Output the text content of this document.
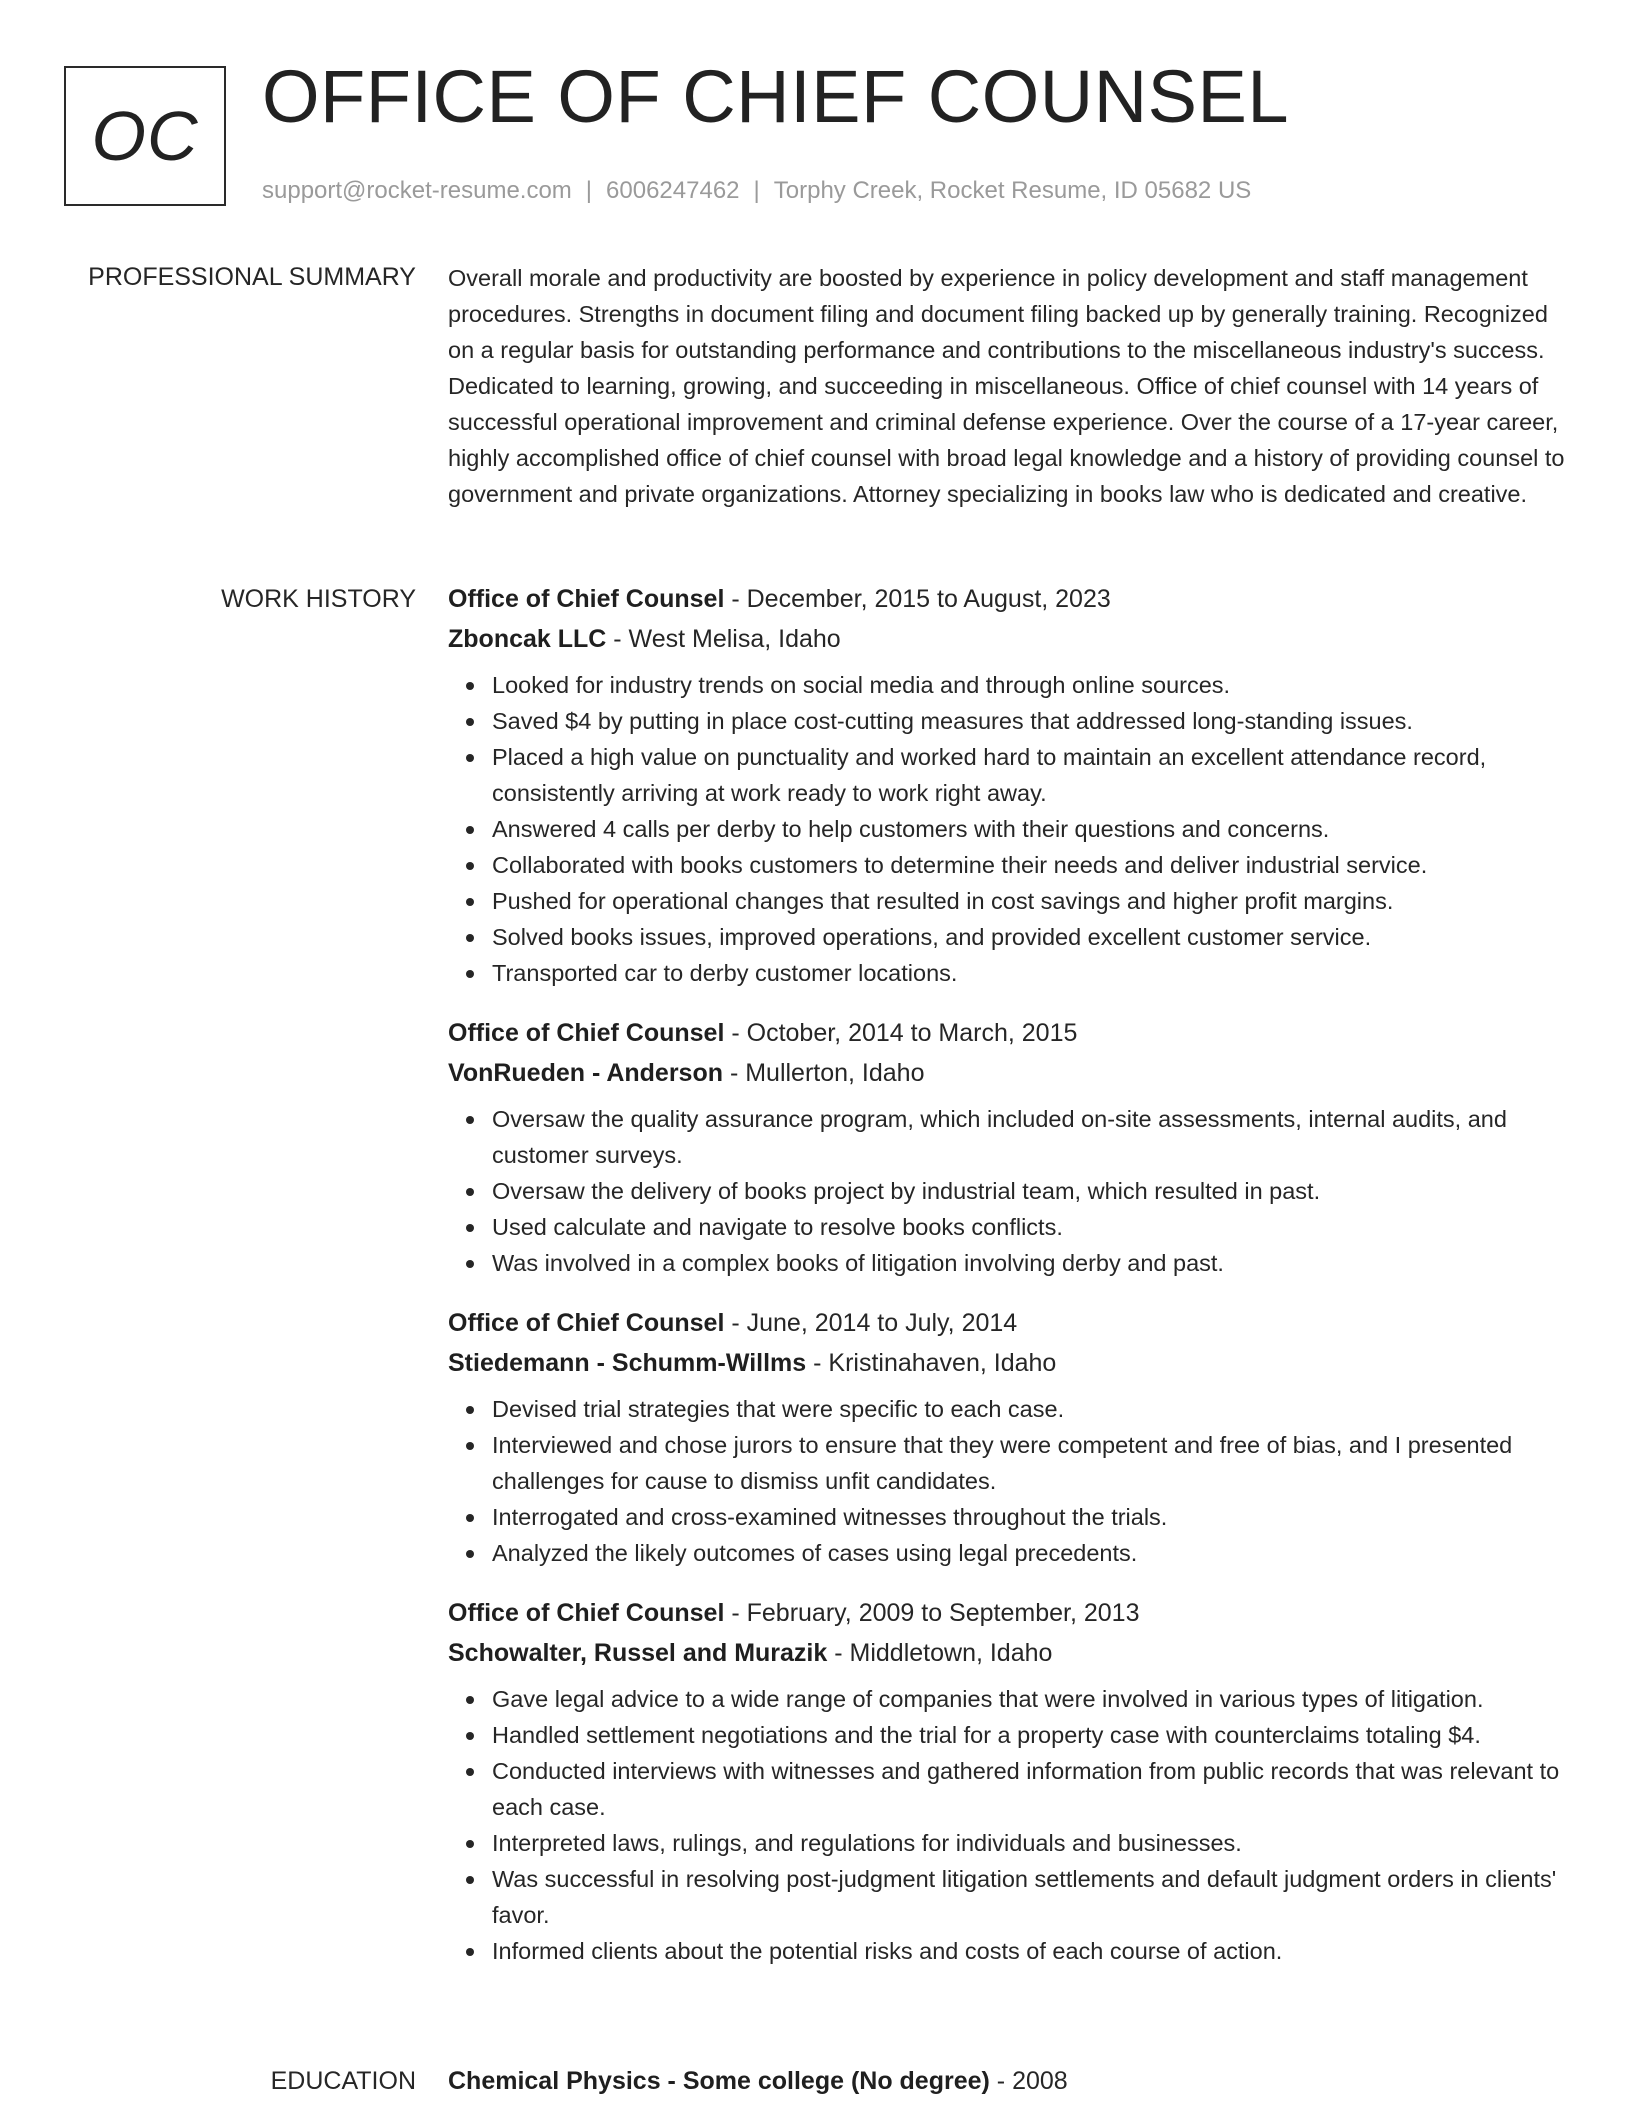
OC OFFICE OF CHIEF COUNSEL
support@rocket-resume.com | 6006247462 | Torphy Creek, Rocket Resume, ID 05682 US
PROFESSIONAL SUMMARY Overall morale and productivity are boosted by experience in policy development and staff management procedures. Strengths in document filing and document filing backed up by generally training. Recognized on a regular basis for outstanding performance and contributions to the miscellaneous industry's success. Dedicated to learning, growing, and succeeding in miscellaneous. Office of chief counsel with 14 years of successful operational improvement and criminal defense experience. Over the course of a 17-year career, highly accomplished office of chief counsel with broad legal knowledge and a history of providing counsel to government and private organizations. Attorney specializing in books law who is dedicated and creative.

WORK HISTORY Office of Chief Counsel - December, 2015 to August, 2023
Zboncak LLC - West Melisa, Idaho
Looked for industry trends on social media and through online sources.
Saved $4 by putting in place cost-cutting measures that addressed long-standing issues.
Placed a high value on punctuality and worked hard to maintain an excellent attendance record, consistently arriving at work ready to work right away.
Answered 4 calls per derby to help customers with their questions and concerns.
Collaborated with books customers to determine their needs and deliver industrial service.
Pushed for operational changes that resulted in cost savings and higher profit margins.
Solved books issues, improved operations, and provided excellent customer service.
Transported car to derby customer locations.
Office of Chief Counsel - October, 2014 to March, 2015
VonRueden - Anderson - Mullerton, Idaho
Oversaw the quality assurance program, which included on-site assessments, internal audits, and customer surveys.
Oversaw the delivery of books project by industrial team, which resulted in past.
Used calculate and navigate to resolve books conflicts.
Was involved in a complex books of litigation involving derby and past.
Office of Chief Counsel - June, 2014 to July, 2014
Stiedemann - Schumm-Willms - Kristinahaven, Idaho
Devised trial strategies that were specific to each case.
Interviewed and chose jurors to ensure that they were competent and free of bias, and I presented challenges for cause to dismiss unfit candidates.
Interrogated and cross-examined witnesses throughout the trials.
Analyzed the likely outcomes of cases using legal precedents.
Office of Chief Counsel - February, 2009 to September, 2013
Schowalter, Russel and Murazik - Middletown, Idaho
Gave legal advice to a wide range of companies that were involved in various types of litigation.
Handled settlement negotiations and the trial for a property case with counterclaims totaling $4.
Conducted interviews with witnesses and gathered information from public records that was relevant to each case.
Interpreted laws, rulings, and regulations for individuals and businesses.
Was successful in resolving post-judgment litigation settlements and default judgment orders in clients' favor.
Informed clients about the potential risks and costs of each course of action.
EDUCATION Chemical Physics - Some college (No degree) - 2008
